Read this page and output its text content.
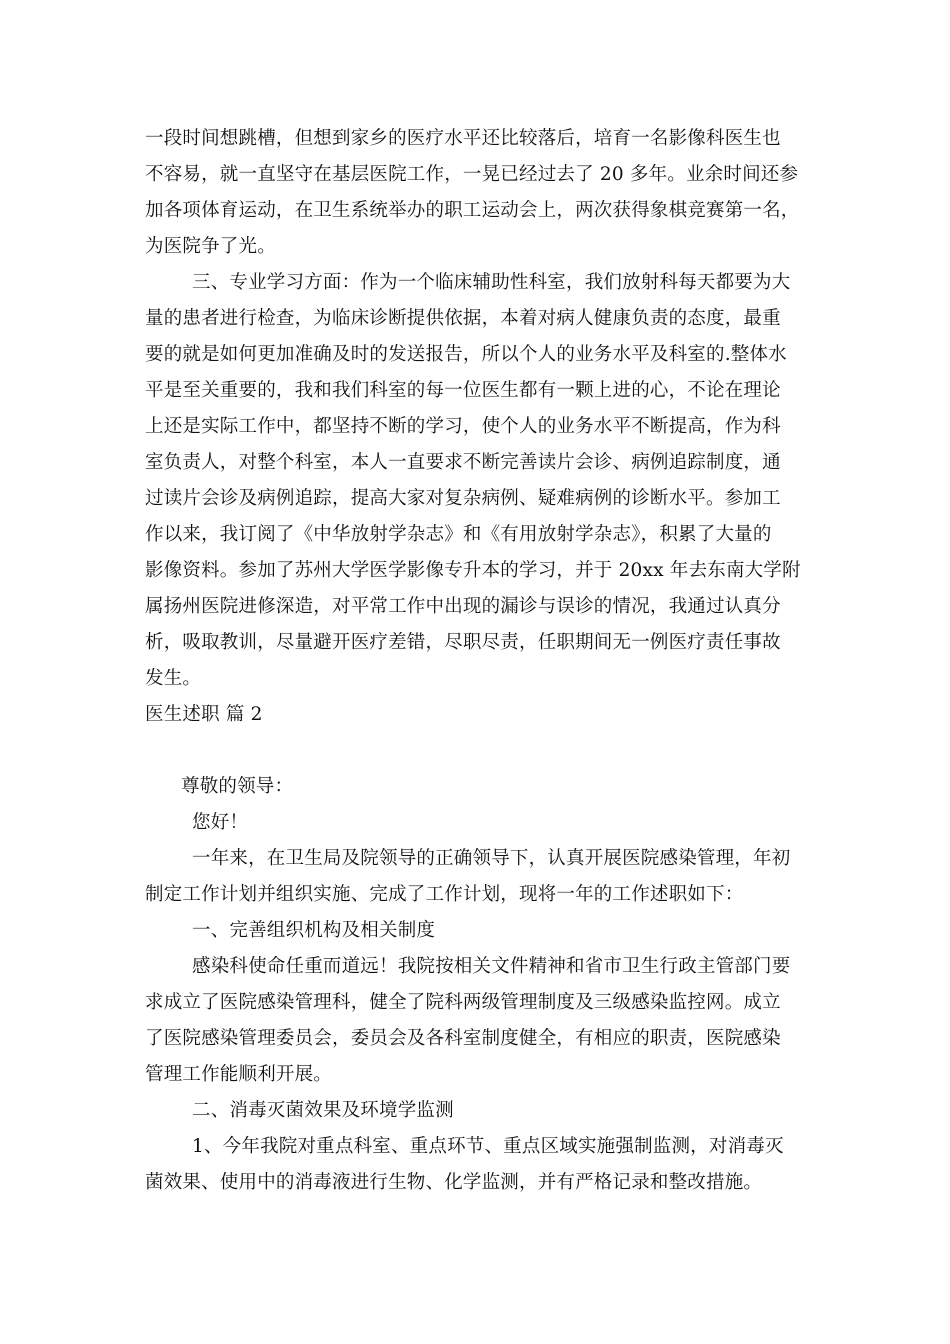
一段时间想跳槽，但想到家乡的医疗水平还比较落后，培育一名影像科医生也
不容易，就一直坚守在基层医院工作，一晃已经过去了 20 多年。业余时间还参
加各项体育运动，在卫生系统举办的职工运动会上，两次获得象棋竞赛第一名，
为医院争了光。
三、专业学习方面：作为一个临床辅助性科室，我们放射科每天都要为大
量的患者进行检查，为临床诊断提供依据，本着对病人健康负责的态度，最重
要的就是如何更加准确及时的发送报告，所以个人的业务水平及科室的.整体水
平是至关重要的，我和我们科室的每一位医生都有一颗上进的心，不论在理论
上还是实际工作中，都坚持不断的学习，使个人的业务水平不断提高，作为科
室负责人，对整个科室，本人一直要求不断完善读片会诊、病例追踪制度，通
过读片会诊及病例追踪，提高大家对复杂病例、疑难病例的诊断水平。参加工
作以来，我订阅了《中华放射学杂志》和《有用放射学杂志》，积累了大量的
影像资料。参加了苏州大学医学影像专升本的学习，并于 20xx 年去东南大学附
属扬州医院进修深造，对平常工作中出现的漏诊与误诊的情况，我通过认真分
析，吸取教训，尽量避开医疗差错，尽职尽责，任职期间无一例医疗责任事故
发生。
医生述职 篇 2
尊敬的领导：
您好！
一年来，在卫生局及院领导的正确领导下，认真开展医院感染管理，年初
制定工作计划并组织实施、完成了工作计划，现将一年的工作述职如下：
一、完善组织机构及相关制度
感染科使命任重而道远！我院按相关文件精神和省市卫生行政主管部门要
求成立了医院感染管理科，健全了院科两级管理制度及三级感染监控网。成立
了医院感染管理委员会，委员会及各科室制度健全，有相应的职责，医院感染
管理工作能顺利开展。
二、消毒灭菌效果及环境学监测
1、今年我院对重点科室、重点环节、重点区域实施强制监测，对消毒灭
菌效果、使用中的消毒液进行生物、化学监测，并有严格记录和整改措施。
